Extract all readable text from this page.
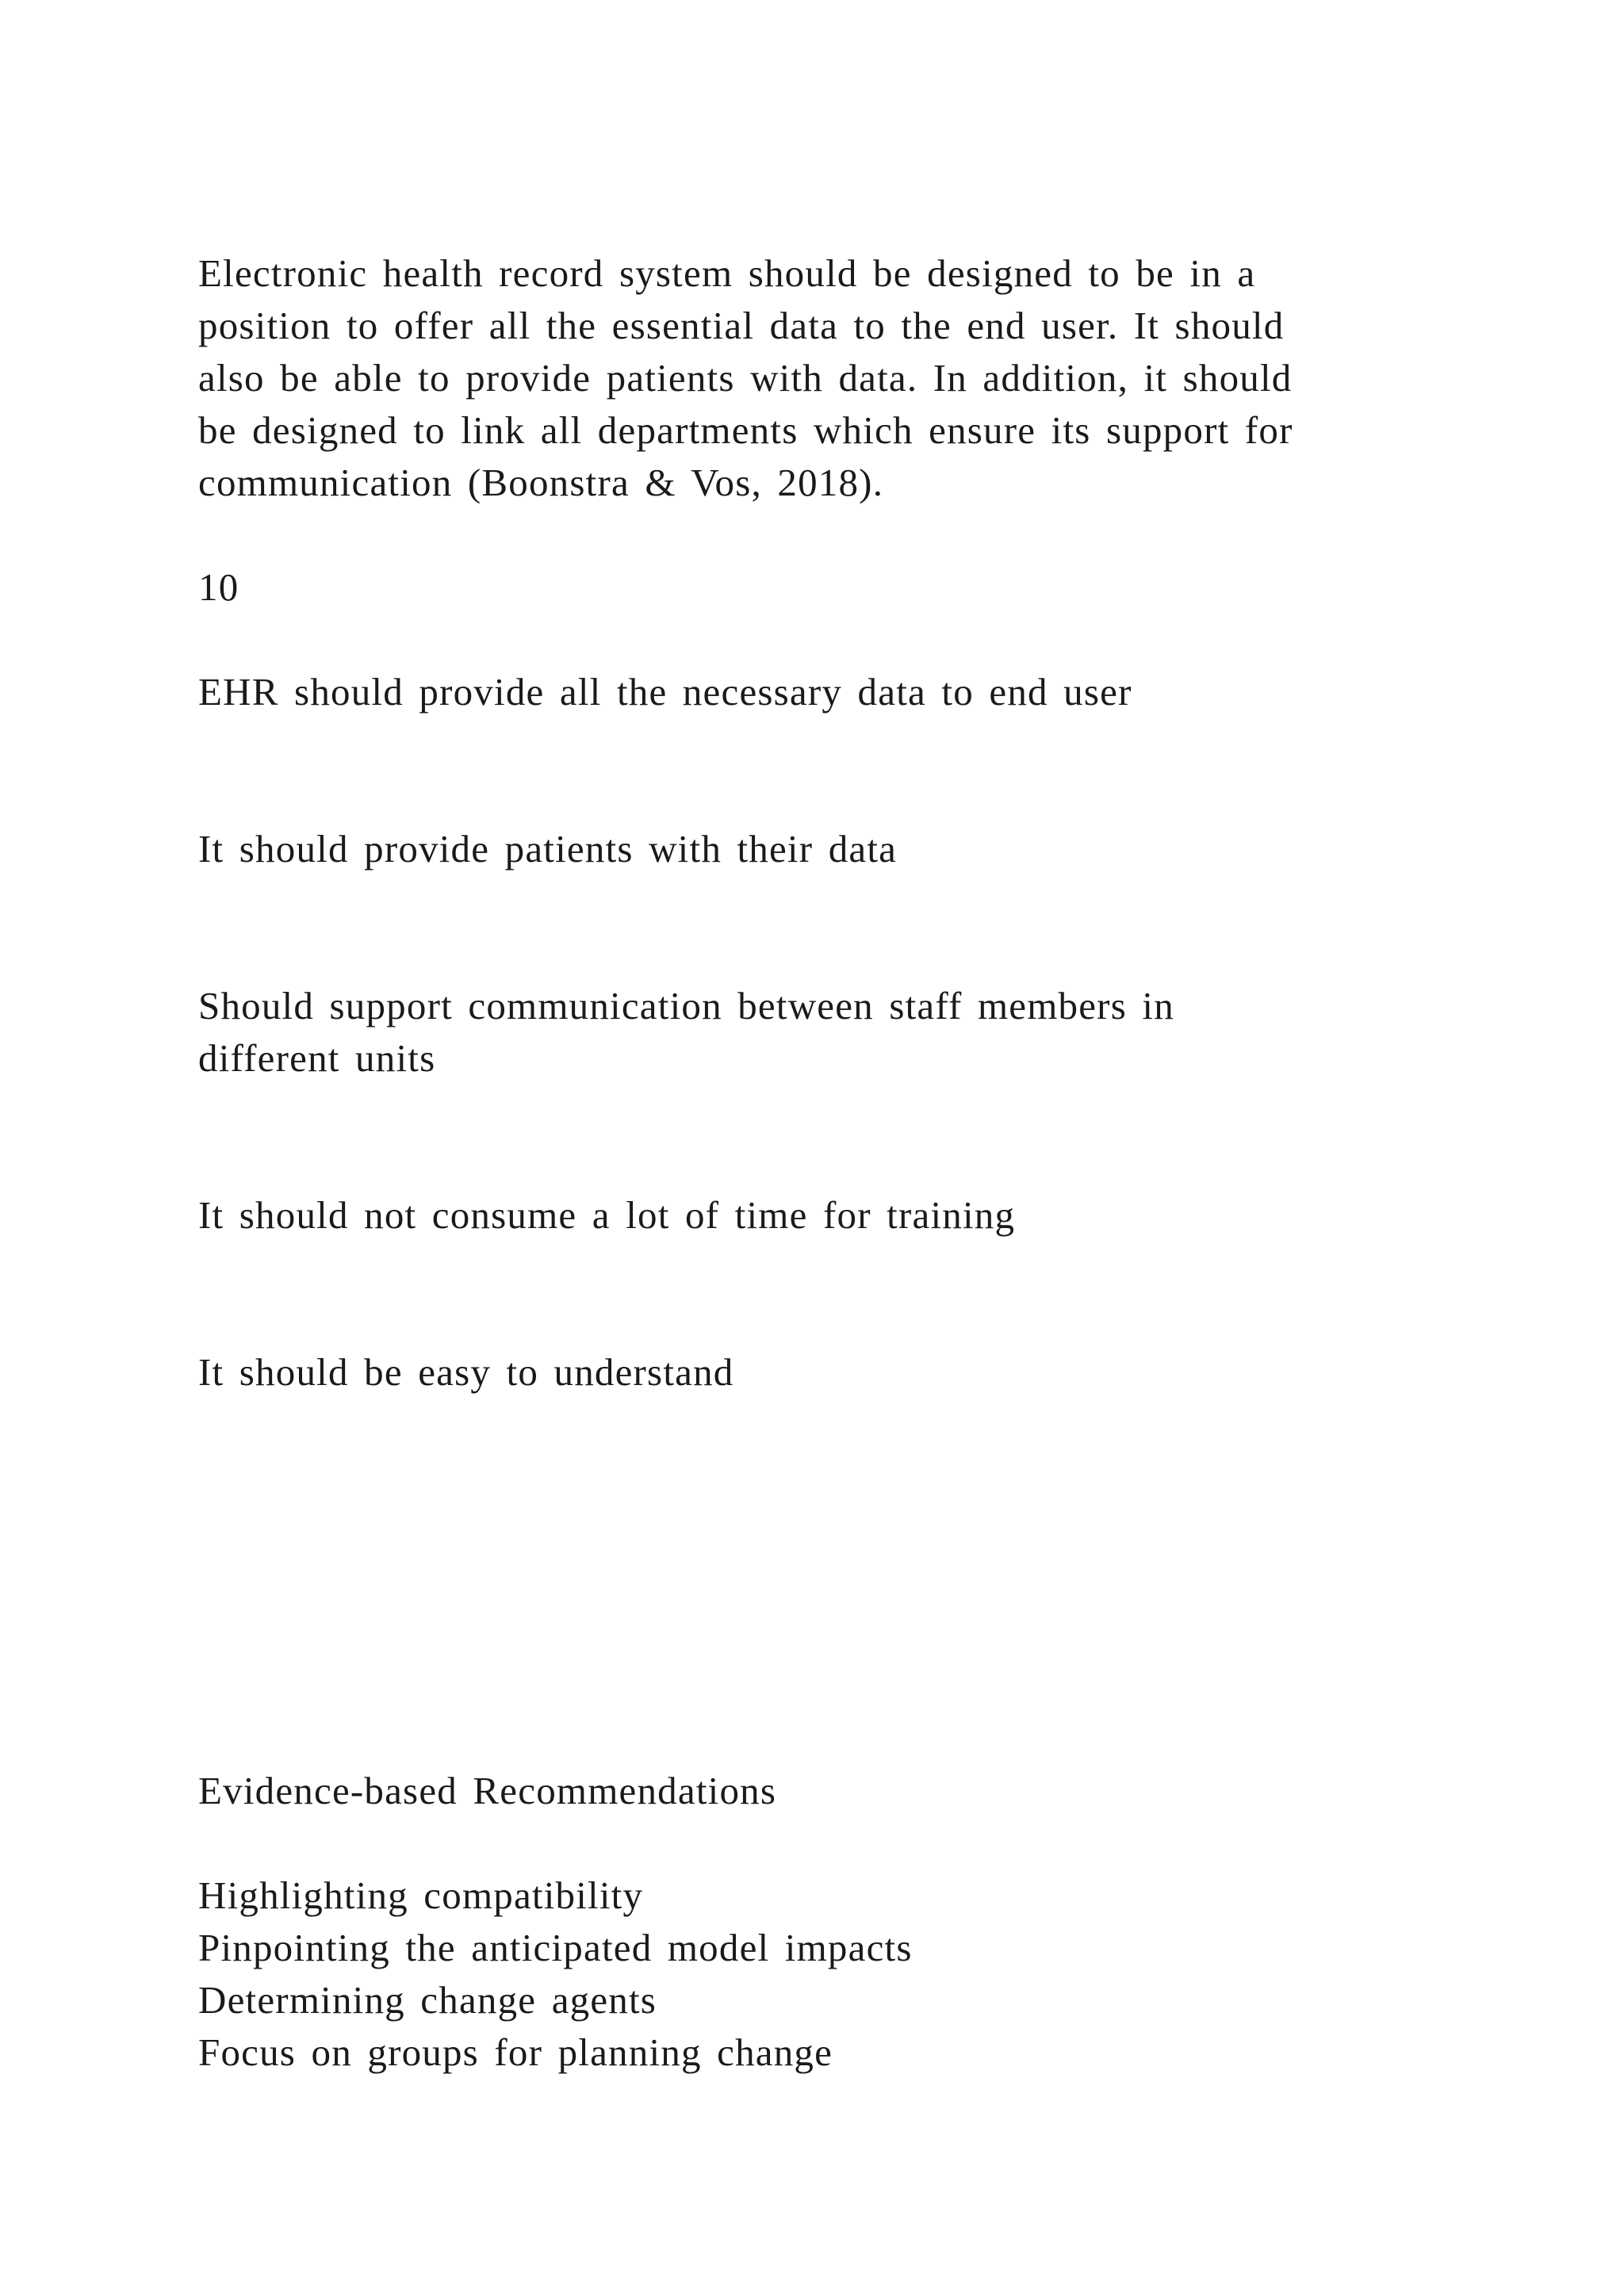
Electronic health record system should be designed to be in a
position to offer all the essential data to the end user. It should
also be able to provide patients with data. In addition, it should
be designed to link all departments which ensure its support for
communication (Boonstra & Vos, 2018).
10
EHR should provide all the necessary data to end user
It should provide patients with their data
Should support communication between staff members in
different units
It should not consume a lot of time for training
It should be easy to understand
Evidence-based Recommendations
Highlighting compatibility
Pinpointing the anticipated model impacts
Determining change agents
Focus on groups for planning change
